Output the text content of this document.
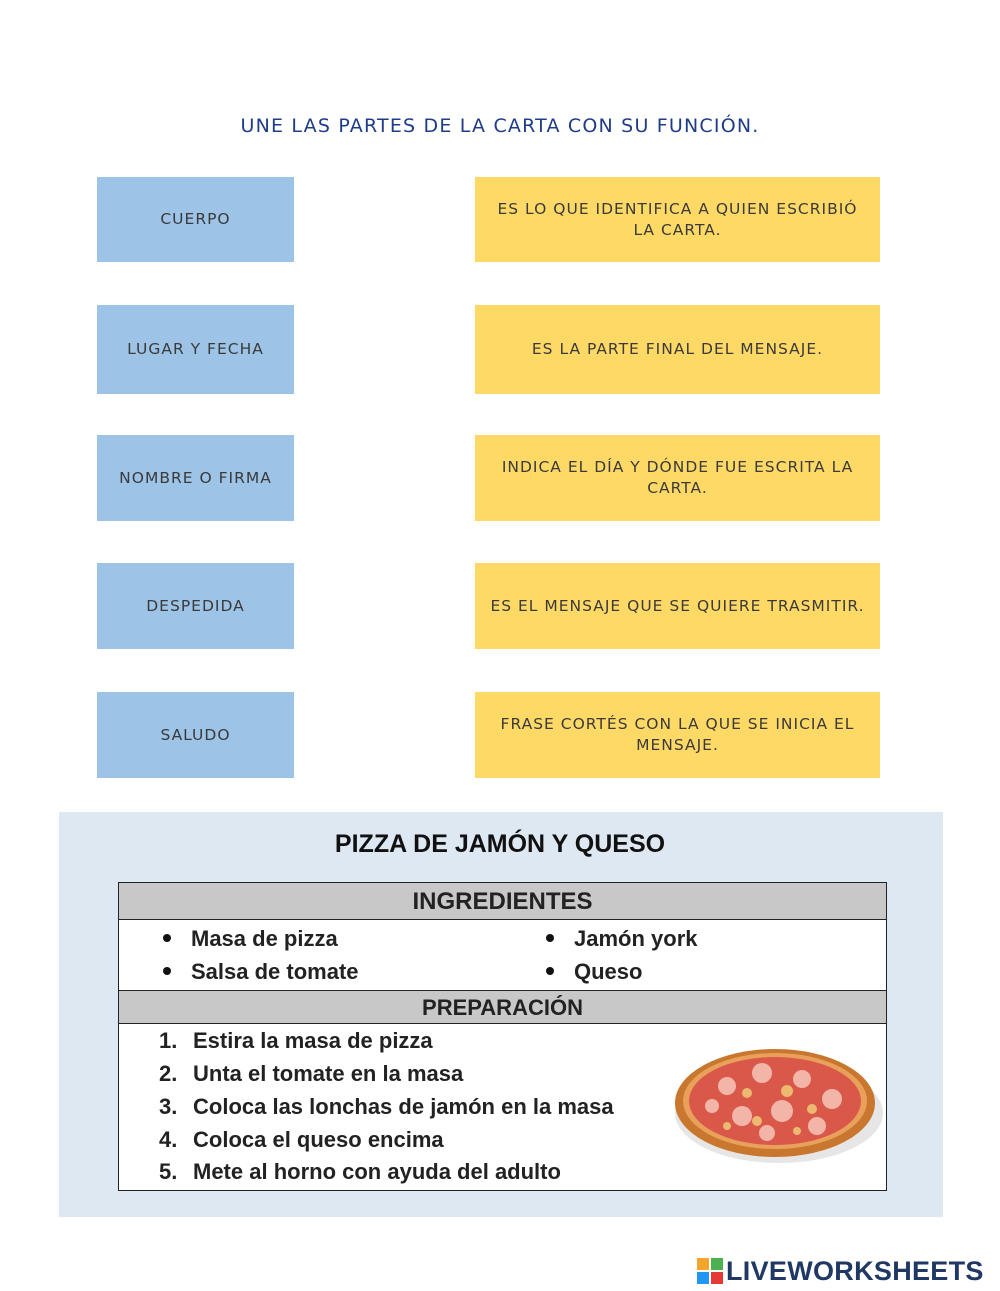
UNE LAS PARTES DE LA CARTA CON SU FUNCIÓN.
CUERPO
LUGAR Y FECHA
NOMBRE O FIRMA
DESPEDIDA
SALUDO
ES LO QUE IDENTIFICA A QUIEN ESCRIBIÓ LA CARTA.
ES LA PARTE FINAL DEL MENSAJE.
INDICA EL DÍA Y DÓNDE FUE ESCRITA LA CARTA.
ES EL MENSAJE QUE SE QUIERE TRASMITIR.
FRASE CORTÉS CON LA QUE SE INICIA EL MENSAJE.
PIZZA DE JAMÓN Y QUESO
INGREDIENTES
Masa de pizza
Salsa de tomate
Jamón york
Queso
PREPARACIÓN
1. Estira la masa de pizza
2. Unta el tomate en la masa
3. Coloca las lonchas de jamón en la masa
4. Coloca el queso encima
5. Mete al horno con ayuda del adulto
LIVEWORKSHEETS
